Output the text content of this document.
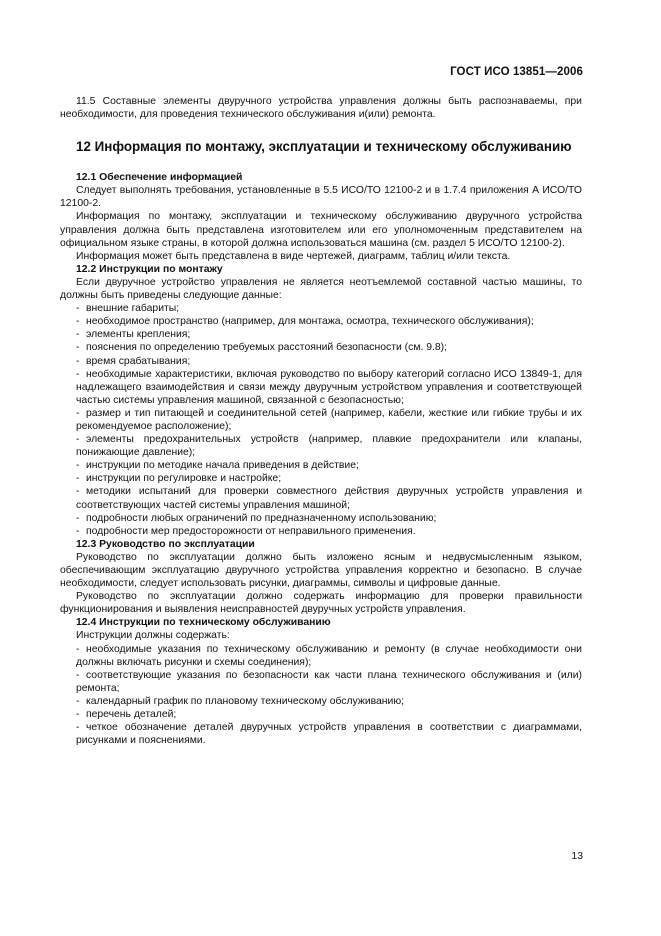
ГОСТ ИСО 13851—2006
11.5 Составные элементы двуручного устройства управления должны быть распознаваемы, при необходимости, для проведения технического обслуживания и(или) ремонта.
12 Информация по монтажу, эксплуатации и техническому обслуживанию
12.1 Обеспечение информацией
Следует выполнять требования, установленные в 5.5 ИСО/ТО 12100-2 и в 1.7.4 приложения А ИСО/ТО 12100-2.
Информация по монтажу, эксплуатации и техническому обслуживанию двуручного устройства управления должна быть представлена изготовителем или его уполномоченным представителем на официальном языке страны, в которой должна использоваться машина (см. раздел 5 ИСО/ТО 12100-2).
Информация может быть представлена в виде чертежей, диаграмм, таблиц и/или текста.
12.2 Инструкции по монтажу
Если двуручное устройство управления не является неотъемлемой составной частью машины, то должны быть приведены следующие данные:
- внешние габариты;
- необходимое пространство (например, для монтажа, осмотра, технического обслуживания);
- элементы крепления;
- пояснения по определению требуемых расстояний безопасности (см. 9.8);
- время срабатывания;
- необходимые характеристики, включая руководство по выбору категорий согласно ИСО 13849-1, для надлежащего взаимодействия и связи между двуручным устройством управления и соответствующей частью системы управления машиной, связанной с безопасностью;
- размер и тип питающей и соединительной сетей (например, кабели, жесткие или гибкие трубы и их рекомендуемое расположение);
- элементы предохранительных устройств (например, плавкие предохранители или клапаны, понижающие давление);
- инструкции по методике начала приведения в действие;
- инструкции по регулировке и настройке;
- методики испытаний для проверки совместного действия двуручных устройств управления и соответствующих частей системы управления машиной;
- подробности любых ограничений по предназначенному использованию;
- подробности мер предосторожности от неправильного применения.
12.3 Руководство по эксплуатации
Руководство по эксплуатации должно быть изложено ясным и недвусмысленным языком, обеспечивающим эксплуатацию двуручного устройства управления корректно и безопасно. В случае необходимости, следует использовать рисунки, диаграммы, символы и цифровые данные.
Руководство по эксплуатации должно содержать информацию для проверки правильности функционирования и выявления неисправностей двуручных устройств управления.
12.4 Инструкции по техническому обслуживанию
Инструкции должны содержать:
- необходимые указания по техническому обслуживанию и ремонту (в случае необходимости они должны включать рисунки и схемы соединения);
- соответствующие указания по безопасности как части плана технического обслуживания и (или) ремонта;
- календарный график по плановому техническому обслуживанию;
- перечень деталей;
- четкое обозначение деталей двуручных устройств управления в соответствии с диаграммами, рисунками и пояснениями.
13
